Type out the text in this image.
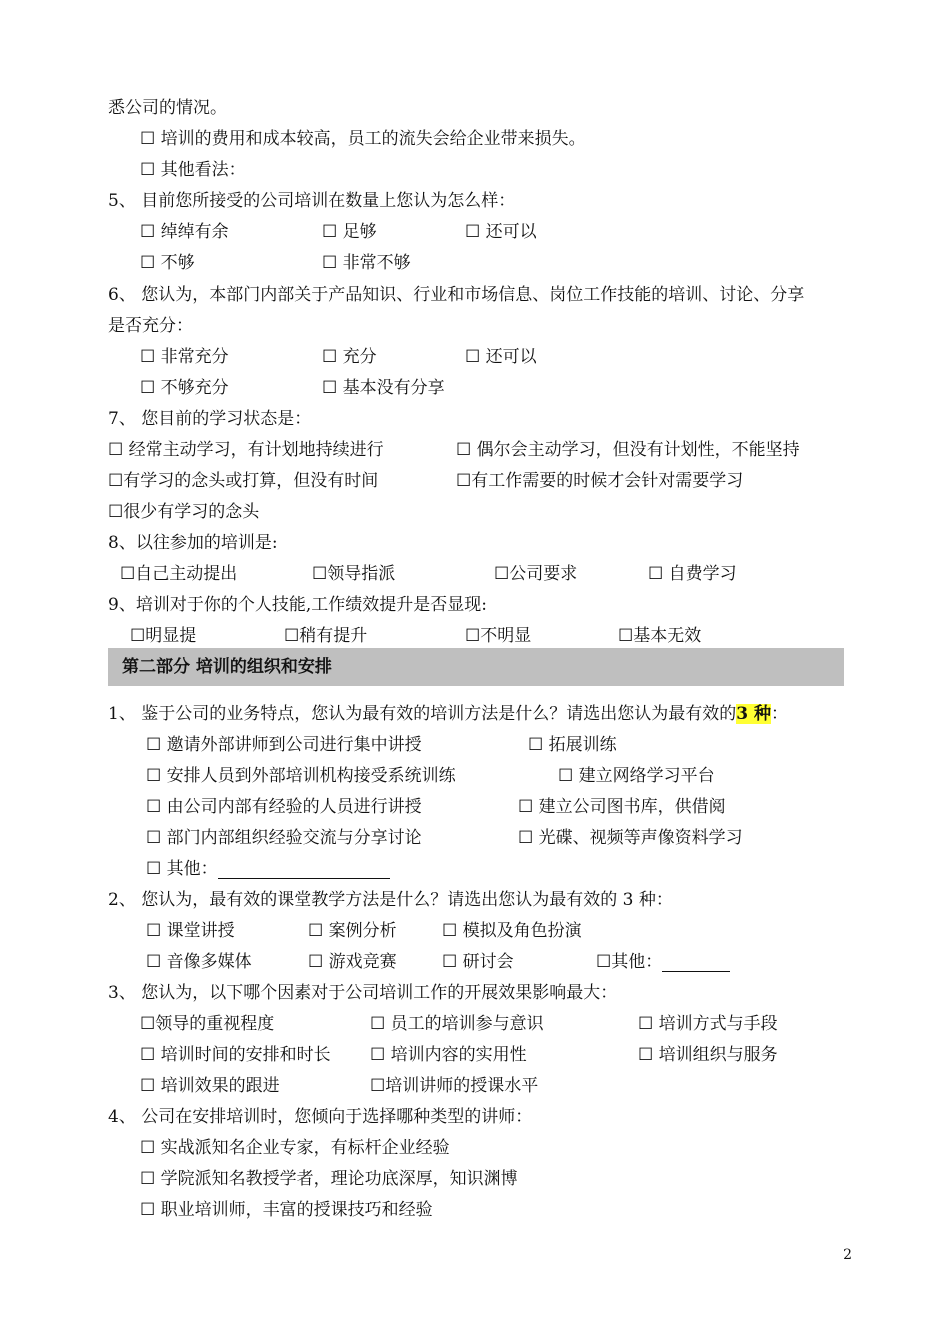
悉公司的情况。
☐ 培训的费用和成本较高，员工的流失会给企业带来损失。
☐ 其他看法：
5、 目前您所接受的公司培训在数量上您认为怎么样：
☐ 绰绰有余	☐ 足够	☐ 还可以
☐ 不够	☐ 非常不够
6、 您认为，本部门内部关于产品知识、行业和市场信息、岗位工作技能的培训、讨论、分享
是否充分：
☐ 非常充分	☐ 充分	☐ 还可以
☐ 不够充分	☐ 基本没有分享
7、 您目前的学习状态是：
☐ 经常主动学习，有计划地持续进行	☐ 偶尔会主动学习，但没有计划性，不能坚持
☐有学习的念头或打算，但没有时间	☐有工作需要的时候才会针对需要学习
☐很少有学习的念头
8、以往参加的培训是:
☐自己主动提出	☐领导指派	☐公司要求	☐ 自费学习
9、培训对于你的个人技能,工作绩效提升是否显现:
☐明显提	☐稍有提升	☐不明显	☐基本无效
第二部分 培训的组织和安排
1、 鉴于公司的业务特点，您认为最有效的培训方法是什么？请选出您认为最有效的3 种：
☐ 邀请外部讲师到公司进行集中讲授	☐ 拓展训练
☐ 安排人员到外部培训机构接受系统训练	☐ 建立网络学习平台
☐ 由公司内部有经验的人员进行讲授	☐ 建立公司图书库，供借阅
☐ 部门内部组织经验交流与分享讨论	☐ 光碟、视频等声像资料学习
☐ 其他：
2、 您认为，最有效的课堂教学方法是什么？请选出您认为最有效的 3 种：
☐ 课堂讲授	☐ 案例分析	☐ 模拟及角色扮演
☐ 音像多媒体	☐ 游戏竞赛	☐ 研讨会	☐其他：
3、 您认为，以下哪个因素对于公司培训工作的开展效果影响最大：
☐领导的重视程度	☐ 员工的培训参与意识	☐ 培训方式与手段
☐ 培训时间的安排和时长 ☐ 培训内容的实用性	☐ 培训组织与服务
☐ 培训效果的跟进	☐培训讲师的授课水平
4、 公司在安排培训时，您倾向于选择哪种类型的讲师：
☐ 实战派知名企业专家，有标杆企业经验
☐ 学院派知名教授学者，理论功底深厚，知识渊博
☐ 职业培训师，丰富的授课技巧和经验
2
